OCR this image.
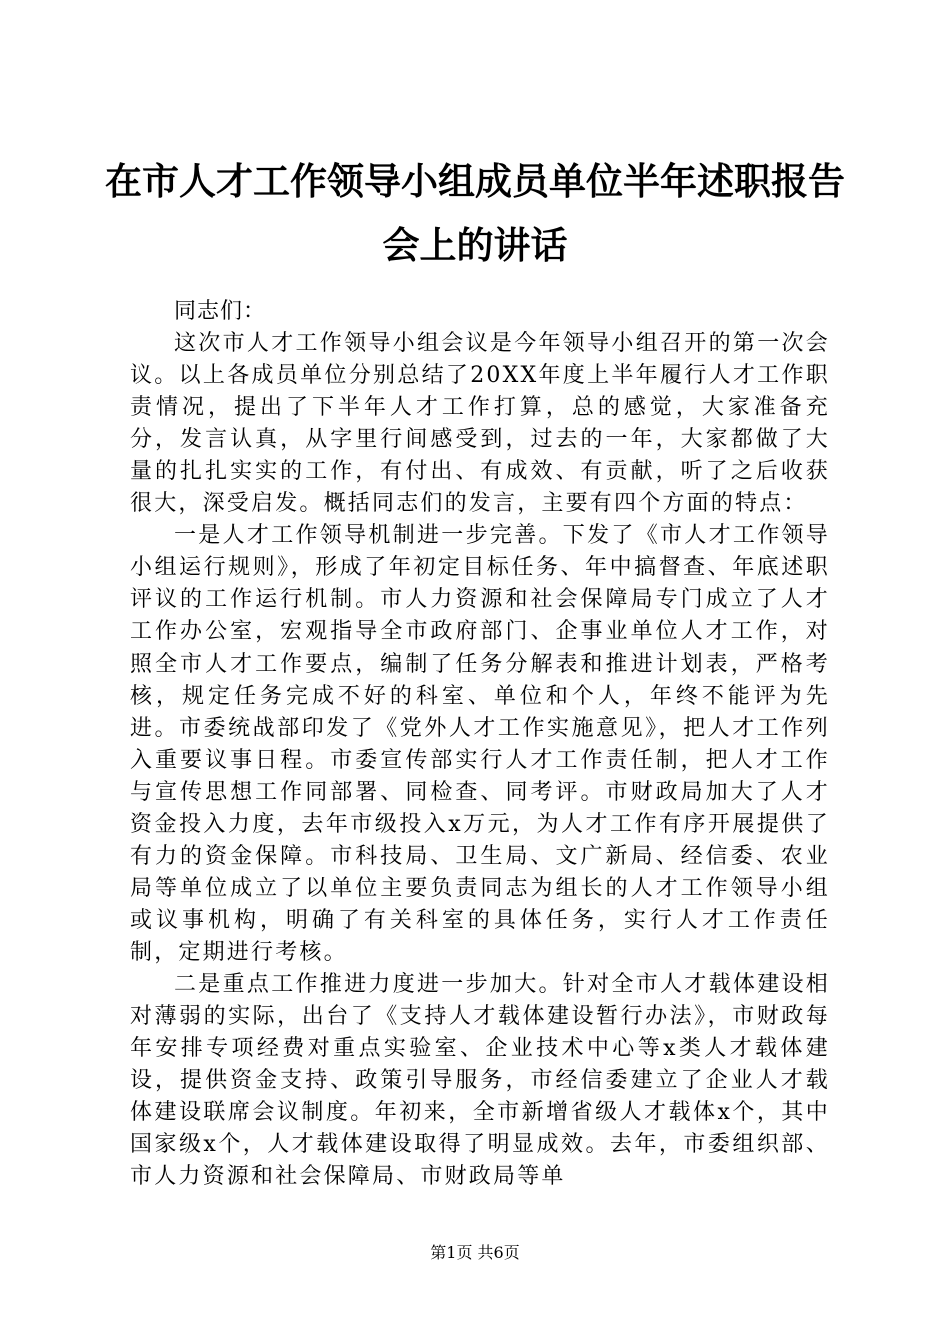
在市人才工作领导小组成员单位半年述职报告会上的讲话

同志们：

这次市人才工作领导小组会议是今年领导小组召开的第一次会议。以上各成员单位分别总结了20XX年度上半年履行人才工作职责情况，提出了下半年人才工作打算，总的感觉，大家准备充分，发言认真，从字里行间感受到，过去的一年，大家都做了大量的扎扎实实的工作，有付出、有成效、有贡献，听了之后收获很大，深受启发。概括同志们的发言，主要有四个方面的特点：

一是人才工作领导机制进一步完善。下发了《市人才工作领导小组运行规则》，形成了年初定目标任务、年中搞督查、年底述职评议的工作运行机制。市人力资源和社会保障局专门成立了人才工作办公室，宏观指导全市政府部门、企事业单位人才工作，对照全市人才工作要点，编制了任务分解表和推进计划表，严格考核，规定任务完成不好的科室、单位和个人，年终不能评为先进。市委统战部印发了《党外人才工作实施意见》，把人才工作列入重要议事日程。市委宣传部实行人才工作责任制，把人才工作与宣传思想工作同部署、同检查、同考评。市财政局加大了人才资金投入力度，去年市级投入x万元，为人才工作有序开展提供了有力的资金保障。市科技局、卫生局、文广新局、经信委、农业局等单位成立了以单位主要负责同志为组长的人才工作领导小组或议事机构，明确了有关科室的具体任务，实行人才工作责任制，定期进行考核。

二是重点工作推进力度进一步加大。针对全市人才载体建设相对薄弱的实际，出台了《支持人才载体建设暂行办法》，市财政每年安排专项经费对重点实验室、企业技术中心等x类人才载体建设，提供资金支持、政策引导服务，市经信委建立了企业人才载体建设联席会议制度。年初来，全市新增省级人才载体x个，其中国家级x个，人才载体建设取得了明显成效。去年，市委组织部、市人力资源和社会保障局、市财政局等单

第1页 共6页
